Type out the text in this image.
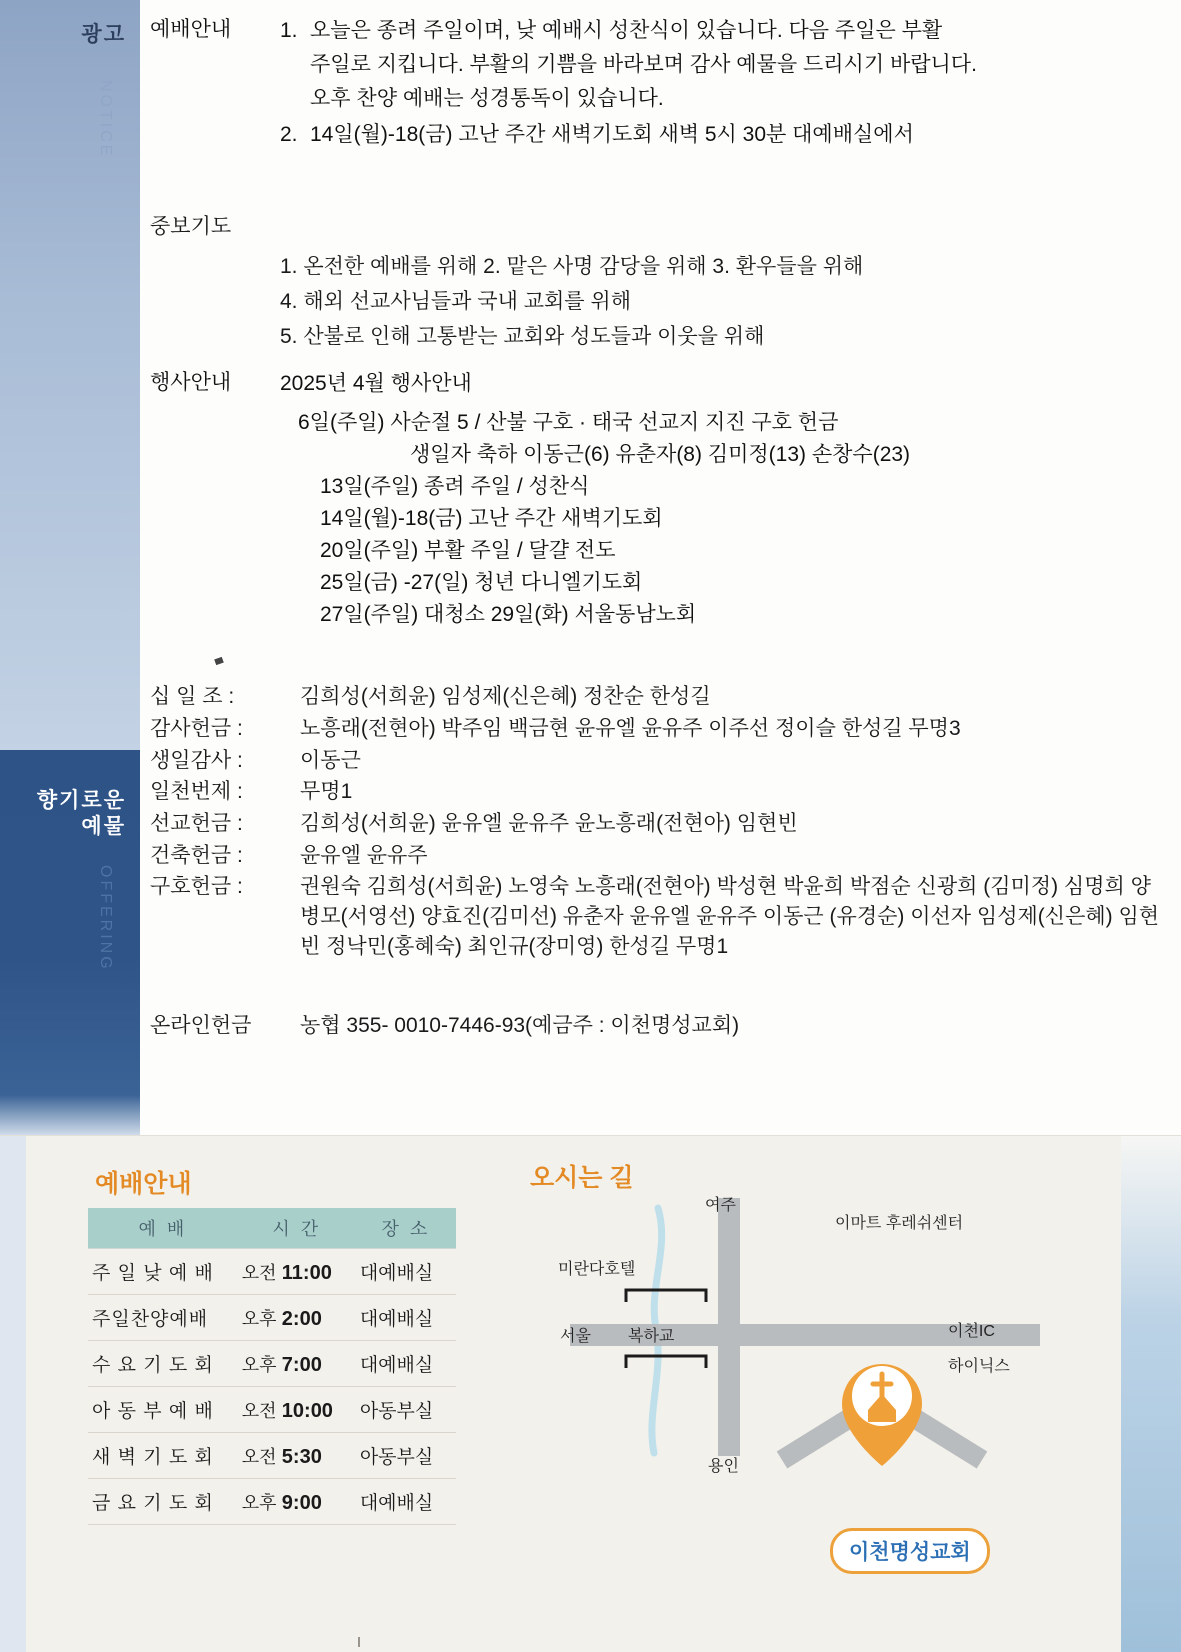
광고
NOTICE
향기로운
예물
OFFERING
예배안내	1. 오늘은 종려 주일이며, 낮 예배시 성찬식이 있습니다. 다음 주일은 부활
주일로 지킵니다. 부활의 기쁨을 바라보며 감사 예물을 드리시기 바랍니다.
오후 찬양 예배는 성경통독이 있습니다.
2. 14일(월)-18(금) 고난 주간 새벽기도회 새벽 5시 30분 대예배실에서
중보기도
1. 온전한 예배를 위해 2. 맡은 사명 감당을 위해 3. 환우들을 위해
4. 해외 선교사님들과 국내 교회를 위해
5. 산불로 인해 고통받는 교회와 성도들과 이웃을 위해
행사안내	2025년 4월 행사안내
6일(주일) 사순절 5 / 산불 구호 · 태국 선교지 지진 구호 헌금
생일자 축하 이동근(6) 유춘자(8) 김미정(13) 손창수(23)
13일(주일) 종려 주일 / 성찬식
14일(월)-18(금) 고난 주간 새벽기도회
20일(주일) 부활 주일 / 달걀 전도
25일(금) -27(일) 청년 다니엘기도회
27일(주일) 대청소 29일(화) 서울동남노회
십 일 조 :	김희성(서희윤) 임성제(신은혜) 정찬순 한성길
감사헌금 :	노흥래(전현아) 박주임 백금현 윤유엘 윤유주 이주선 정이슬 한성길 무명3
생일감사 :	이동근
일천번제 :	무명1
선교헌금 :	김희성(서희윤) 윤유엘 윤유주 윤노흥래(전현아) 임현빈
건축헌금 :	윤유엘 윤유주
구호헌금 :	권원숙 김희성(서희윤) 노영숙 노흥래(전현아) 박성현 박윤희 박점순 신광희 (김미정) 심명희 양병모(서영선) 양효진(김미선) 유춘자 윤유엘 윤유주 이동근 (유경순) 이선자 임성제(신은혜) 임현빈 정낙민(홍혜숙) 최인규(장미영) 한성길 무명1
온라인헌금	농협 355- 0010-7446-93(예금주 : 이천명성교회)
예배안내	오시는 길
예 배	시 간	장 소
주 일 낮 예 배	오전 11:00	대예배실
주일찬양예배	오후 2:00	대예배실
수 요 기 도 회	오후 7:00	대예배실
아 동 부 예 배	오전 10:00	아동부실
새 벽 기 도 회	오전 5:30	아동부실
금 요 기 도 회	오후 9:00	대예배실
여주
이마트 후레쉬센터
미란다호텔
서울 복하교	이천IC
하이닉스
용인
이천명성교회
